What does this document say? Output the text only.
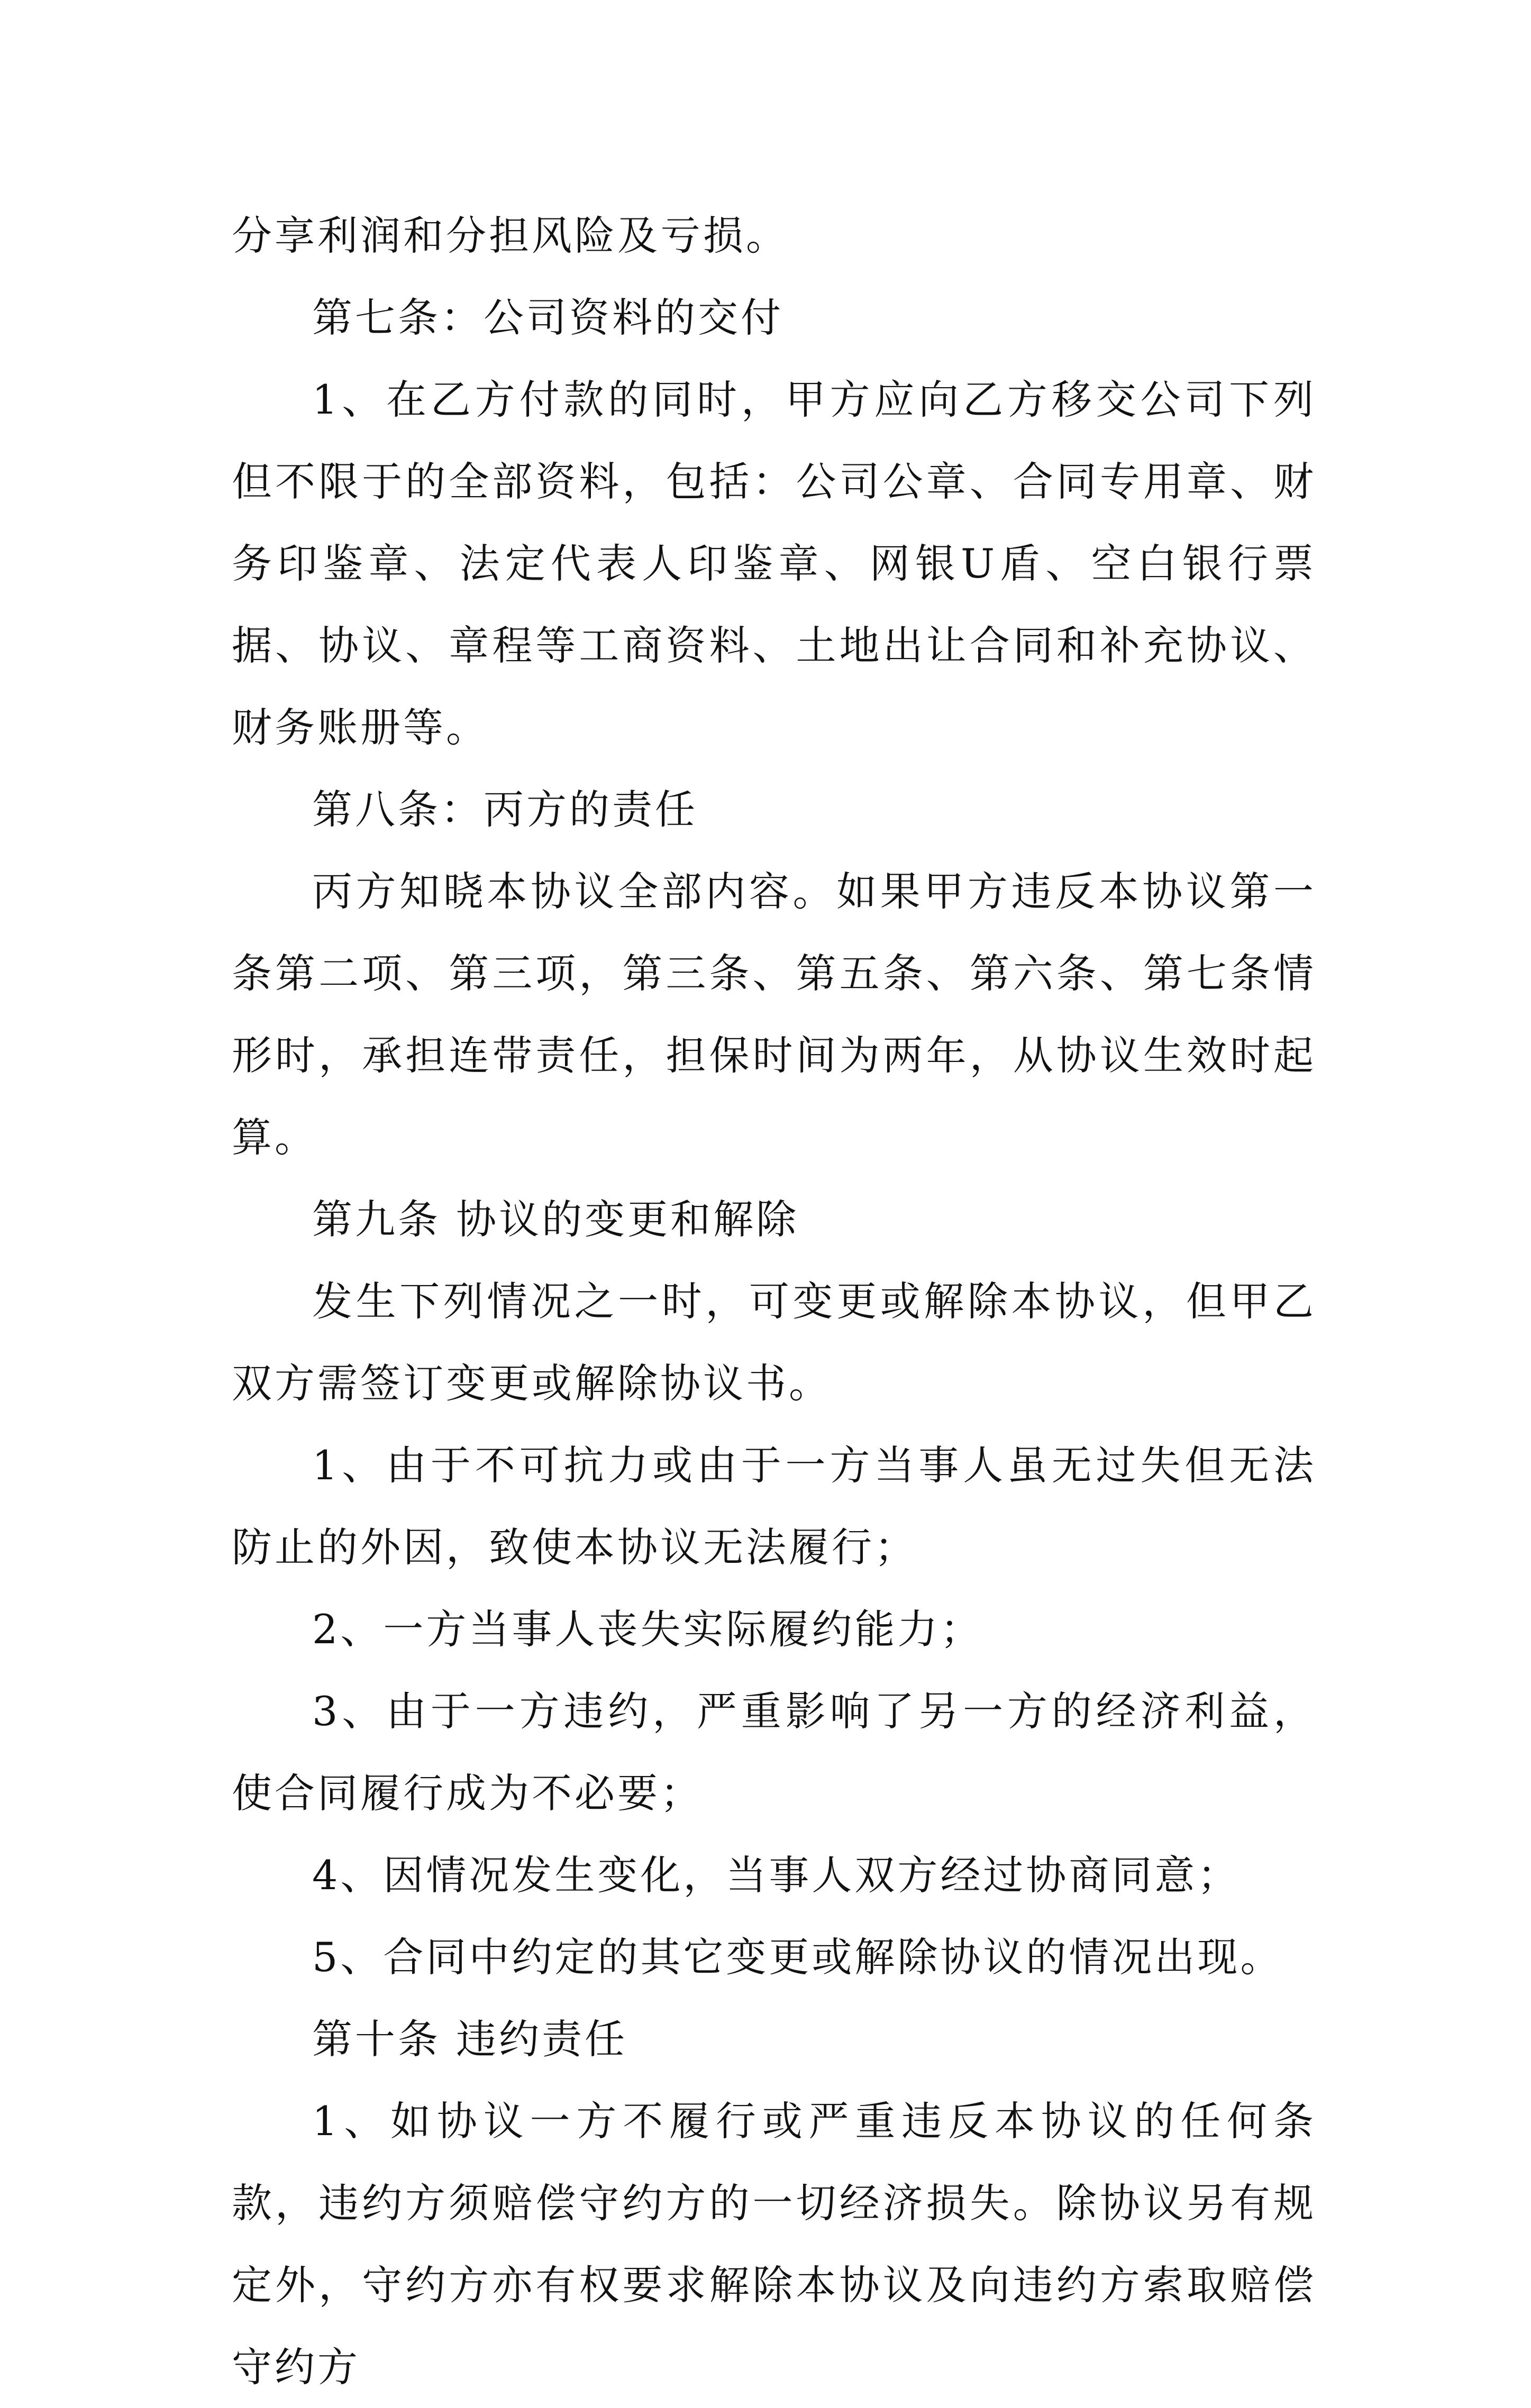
分享利润和分担风险及亏损。

第七条：公司资料的交付

1、在乙方付款的同时，甲方应向乙方移交公司下列但不限于的全部资料，包括：公司公章、合同专用章、财务印鉴章、法定代表人印鉴章、网银U盾、空白银行票据、协议、章程等工商资料、土地出让合同和补充协议、财务账册等。

第八条：丙方的责任

丙方知晓本协议全部内容。如果甲方违反本协议第一条第二项、第三项，第三条、第五条、第六条、第七条情形时，承担连带责任，担保时间为两年，从协议生效时起算。

第九条 协议的变更和解除

发生下列情况之一时，可变更或解除本协议，但甲乙双方需签订变更或解除协议书。

1、由于不可抗力或由于一方当事人虽无过失但无法防止的外因，致使本协议无法履行；

2、一方当事人丧失实际履约能力；

3、由于一方违约，严重影响了另一方的经济利益，使合同履行成为不必要；

4、因情况发生变化，当事人双方经过协商同意；

5、合同中约定的其它变更或解除协议的情况出现。

第十条 违约责任

1、如协议一方不履行或严重违反本协议的任何条款，违约方须赔偿守约方的一切经济损失。除协议另有规定外，守约方亦有权要求解除本协议及向违约方索取赔偿守约方
